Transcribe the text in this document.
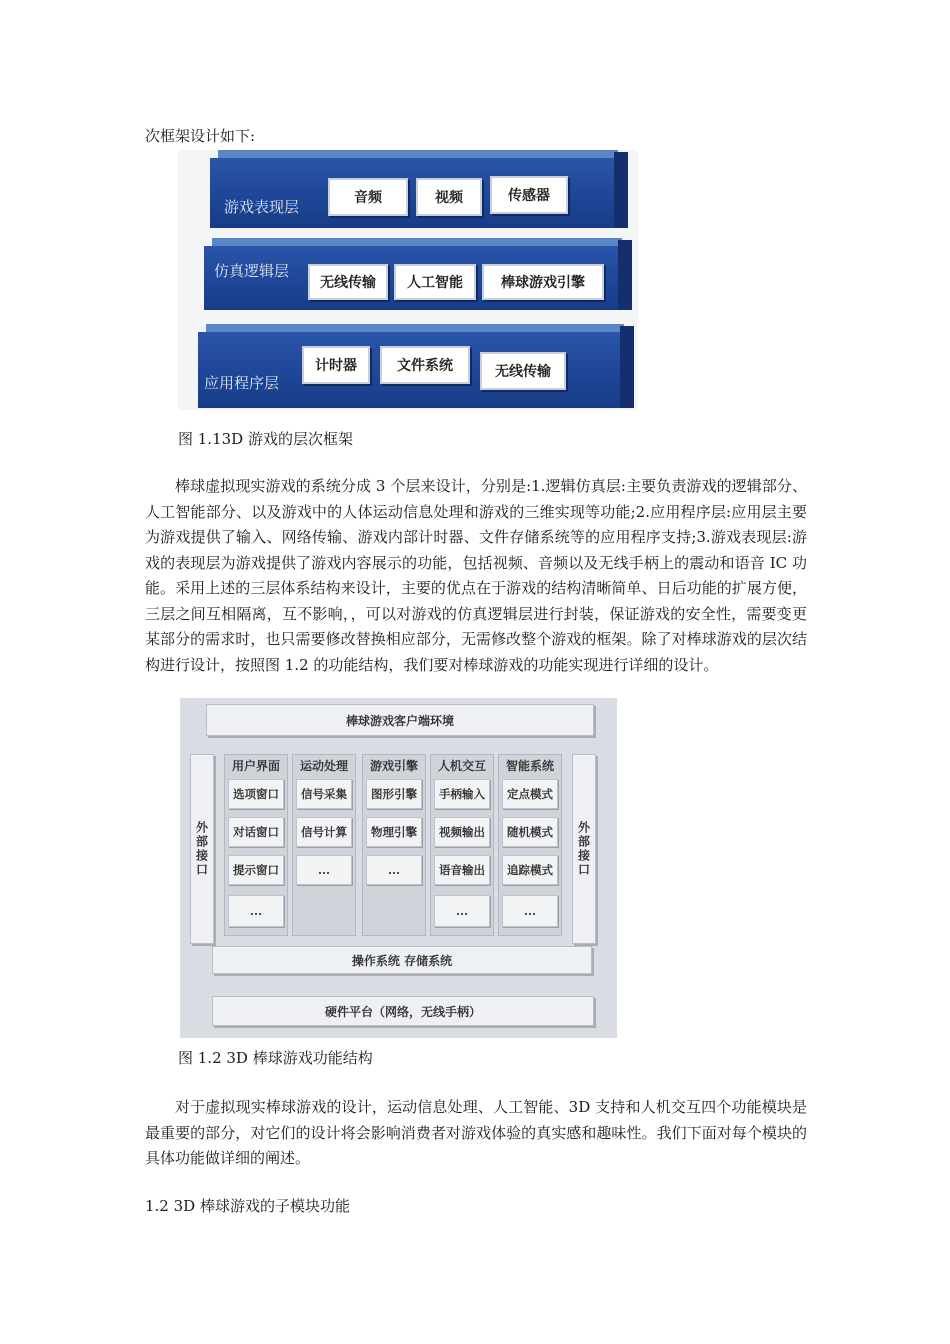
次框架设计如下:

游戏表现层	音频	视频	传感器
仿真逻辑层
无线传输	人工智能	棒球游戏引擎
应用程序层
计时器	文件系统	无线传输

图 1.13D 游戏的层次框架

棒球虚拟现实游戏的系统分成 3 个层来设计，分别是:1.逻辑仿真层:主要负责游戏的逻辑部分、人工智能部分、以及游戏中的人体运动信息处理和游戏的三维实现等功能;2.应用程序层:应用层主要为游戏提供了输入、网络传输、游戏内部计时器、文件存储系统等的应用程序支持;3.游戏表现层:游戏的表现层为游戏提供了游戏内容展示的功能，包括视频、音频以及无线手柄上的震动和语音 IC 功能。采用上述的三层体系结构来设计，主要的优点在于游戏的结构清晰简单、日后功能的扩展方便，三层之间互相隔离，互不影响，，可以对游戏的仿真逻辑层进行封装，保证游戏的安全性，需要变更某部分的需求时，也只需要修改替换相应部分，无需修改整个游戏的框架。除了对棒球游戏的层次结构进行设计，按照图 1.2 的功能结构，我们要对棒球游戏的功能实现进行详细的设计。

棒球游戏客户端环境
外部接口	外部接口
用户界面
选项窗口
对话窗口
提示窗口
...
运动处理
信号采集
信号计算
...
游戏引擎
图形引擎
物理引擎
...
人机交互
手柄输入
视频输出
语音输出
...
智能系统
定点模式
随机模式
追踪模式
...
操作系统 存储系统
硬件平台（网络，无线手柄）

图 1.2 3D 棒球游戏功能结构

对于虚拟现实棒球游戏的设计，运动信息处理、人工智能、3D 支持和人机交互四个功能模块是最重要的部分，对它们的设计将会影响消费者对游戏体验的真实感和趣味性。我们下面对每个模块的具体功能做详细的阐述。

1.2 3D 棒球游戏的子模块功能
